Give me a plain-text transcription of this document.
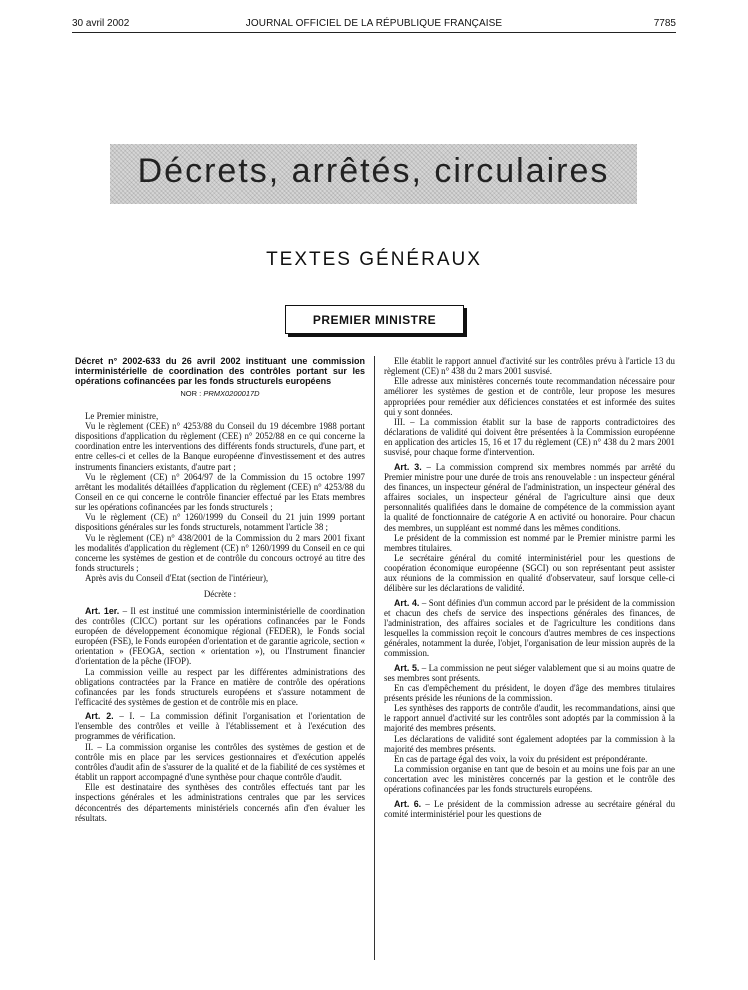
30 avril 2002	JOURNAL OFFICIEL DE LA RÉPUBLIQUE FRANÇAISE	7785
Décrets, arrêtés, circulaires
TEXTES GÉNÉRAUX
PREMIER MINISTRE

Décret n° 2002-633 du 26 avril 2002 instituant une commission interministérielle de coordination des contrôles portant sur les opérations cofinancées par les fonds structurels européens

NOR : PRMX0200017D

Le Premier ministre,

Vu le règlement (CEE) n° 4253/88 du Conseil du 19 décembre 1988 portant dispositions d'application du règlement (CEE) n° 2052/88 en ce qui concerne la coordination entre les interventions des différents fonds structurels, d'une part, et entre celles-ci et celles de la Banque européenne d'investissement et des autres instruments financiers existants, d'autre part ;

Vu le règlement (CE) n° 2064/97 de la Commission du 15 octobre 1997 arrêtant les modalités détaillées d'application du règlement (CEE) n° 4253/88 du Conseil en ce qui concerne le contrôle financier effectué par les Etats membres sur les opérations cofinancées par les fonds structurels ;

Vu le règlement (CE) n° 1260/1999 du Conseil du 21 juin 1999 portant dispositions générales sur les fonds structurels, notamment l'article 38 ;

Vu le règlement (CE) n° 438/2001 de la Commission du 2 mars 2001 fixant les modalités d'application du règlement (CE) n° 1260/1999 du Conseil en ce qui concerne les systèmes de gestion et de contrôle du concours octroyé au titre des fonds structurels ;

Après avis du Conseil d'Etat (section de l'intérieur),

Décrète :

Art. 1er. – Il est institué une commission interministérielle de coordination des contrôles (CICC) portant sur les opérations cofinancées par le Fonds européen de développement économique régional (FEDER), le Fonds social européen (FSE), le Fonds européen d'orientation et de garantie agricole, section « orientation » (FEOGA, section « orientation »), ou l'Instrument financier d'orientation de la pêche (IFOP).

La commission veille au respect par les différentes administrations des obligations contractées par la France en matière de contrôle des opérations cofinancées par les fonds structurels européens et s'assure notamment de l'efficacité des systèmes de gestion et de contrôle mis en place.

Art. 2. – I. – La commission définit l'organisation et l'orientation de l'ensemble des contrôles et veille à l'établissement et à l'exécution des programmes de vérification.

II. – La commission organise les contrôles des systèmes de gestion et de contrôle mis en place par les services gestionnaires et d'exécution appelés contrôles d'audit afin de s'assurer de la qualité et de la fiabilité de ces systèmes et établit un rapport accompagné d'une synthèse pour chaque contrôle d'audit.

Elle est destinataire des synthèses des contrôles effectués tant par les inspections générales et les administrations centrales que par les services déconcentrés des départements ministériels concernés afin d'en évaluer les résultats.

Elle établit le rapport annuel d'activité sur les contrôles prévu à l'article 13 du règlement (CE) n° 438 du 2 mars 2001 susvisé.

Elle adresse aux ministères concernés toute recommandation nécessaire pour améliorer les systèmes de gestion et de contrôle, leur propose les mesures appropriées pour remédier aux déficiences constatées et est informée des suites qui y sont données.

III. – La commission établit sur la base de rapports contradictoires des déclarations de validité qui doivent être présentées à la Commission européenne en application des articles 15, 16 et 17 du règlement (CE) n° 438 du 2 mars 2001 susvisé, pour chaque forme d'intervention.

Art. 3. – La commission comprend six membres nommés par arrêté du Premier ministre pour une durée de trois ans renouvelable : un inspecteur général des finances, un inspecteur général de l'administration, un inspecteur général des affaires sociales, un inspecteur général de l'agriculture ainsi que deux personnalités qualifiées dans le domaine de compétence de la commission ayant la qualité de fonctionnaire de catégorie A en activité ou honoraire. Pour chacun des membres, un suppléant est nommé dans les mêmes conditions.

Le président de la commission est nommé par le Premier ministre parmi les membres titulaires.

Le secrétaire général du comité interministériel pour les questions de coopération économique européenne (SGCI) ou son représentant peut assister aux réunions de la commission en qualité d'observateur, sauf lorsque celle-ci délibère sur les déclarations de validité.

Art. 4. – Sont définies d'un commun accord par le président de la commission et chacun des chefs de service des inspections générales des finances, de l'administration, des affaires sociales et de l'agriculture les conditions dans lesquelles la commission reçoit le concours d'autres membres de ces inspections générales, notamment la durée, l'objet, l'organisation de leur mission auprès de la commission.

Art. 5. – La commission ne peut siéger valablement que si au moins quatre de ses membres sont présents.

En cas d'empêchement du président, le doyen d'âge des membres titulaires présents préside les réunions de la commission.

Les synthèses des rapports de contrôle d'audit, les recommandations, ainsi que le rapport annuel d'activité sur les contrôles sont adoptés par la commission à la majorité des membres présents.

Les déclarations de validité sont également adoptées par la commission à la majorité des membres présents.

En cas de partage égal des voix, la voix du président est prépondérante.

La commission organise en tant que de besoin et au moins une fois par an une concertation avec les ministères concernés par la gestion et le contrôle des opérations cofinancées par les fonds structurels européens.

Art. 6. – Le président de la commission adresse au secrétaire général du comité interministériel pour les questions de
